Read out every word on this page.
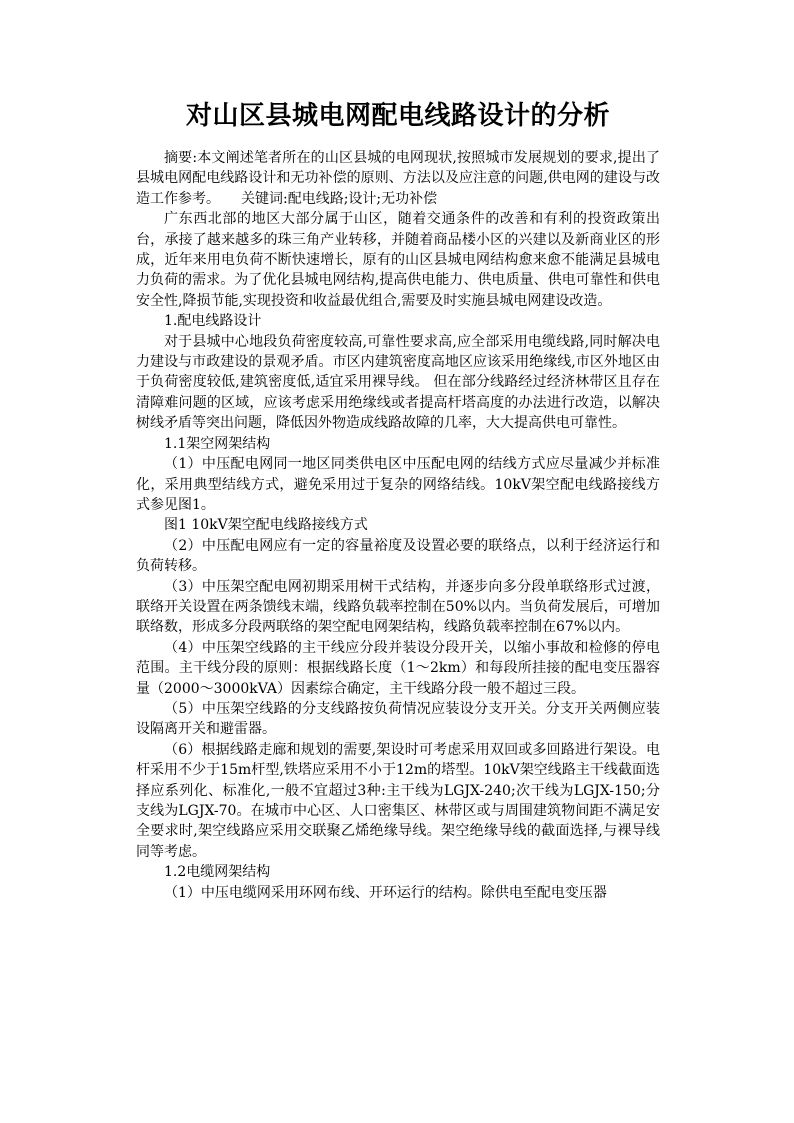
对山区县城电网配电线路设计的分析

摘要:本文阐述笔者所在的山区县城的电网现状,按照城市发展规划的要求,提出了县城电网配电线路设计和无功补偿的原则、方法以及应注意的问题,供电网的建设与改造工作参考。　　关键词:配电线路;设计;无功补偿

广东西北部的地区大部分属于山区，随着交通条件的改善和有利的投资政策出台，承接了越来越多的珠三角产业转移，并随着商品楼小区的兴建以及新商业区的形成，近年来用电负荷不断快速增长，原有的山区县城电网结构愈来愈不能满足县城电力负荷的需求。为了优化县城电网结构,提高供电能力、供电质量、供电可靠性和供电安全性,降损节能,实现投资和收益最优组合,需要及时实施县城电网建设改造。

1.配电线路设计

对于县城中心地段负荷密度较高,可靠性要求高,应全部采用电缆线路,同时解决电力建设与市政建设的景观矛盾。市区内建筑密度高地区应该采用绝缘线,市区外地区由于负荷密度较低,建筑密度低,适宜采用裸导线。 但在部分线路经过经济林带区且存在清障难问题的区域，应该考虑采用绝缘线或者提高杆塔高度的办法进行改造，以解决树线矛盾等突出问题，降低因外物造成线路故障的几率，大大提高供电可靠性。

1.1架空网架结构

（1）中压配电网同一地区同类供电区中压配电网的结线方式应尽量减少并标准化，采用典型结线方式，避免采用过于复杂的网络结线。10kV架空配电线路接线方式参见图1。

图1 10kV架空配电线路接线方式

（2）中压配电网应有一定的容量裕度及设置必要的联络点，以利于经济运行和负荷转移。

（3）中压架空配电网初期采用树干式结构，并逐步向多分段单联络形式过渡，联络开关设置在两条馈线末端，线路负载率控制在50%以内。当负荷发展后，可增加联络数，形成多分段两联络的架空配电网架结构，线路负载率控制在67%以内。

（4）中压架空线路的主干线应分段并装设分段开关，以缩小事故和检修的停电范围。主干线分段的原则：根据线路长度（1～2km）和每段所挂接的配电变压器容量（2000～3000kVA）因素综合确定，主干线路分段一般不超过三段。

（5）中压架空线路的分支线路按负荷情况应装设分支开关。分支开关两侧应装设隔离开关和避雷器。

（6）根据线路走廊和规划的需要,架设时可考虑采用双回或多回路进行架设。电杆采用不少于15m杆型,铁塔应采用不小于12m的塔型。10kV架空线路主干线截面选择应系列化、标准化,一般不宜超过3种:主干线为LGJX-240;次干线为LGJX-150;分支线为LGJX-70。在城市中心区、人口密集区、林带区或与周围建筑物间距不满足安全要求时,架空线路应采用交联聚乙烯绝缘导线。架空绝缘导线的截面选择,与裸导线同等考虑。

1.2电缆网架结构

（1）中压电缆网采用环网布线、开环运行的结构。除供电至配电变压器
